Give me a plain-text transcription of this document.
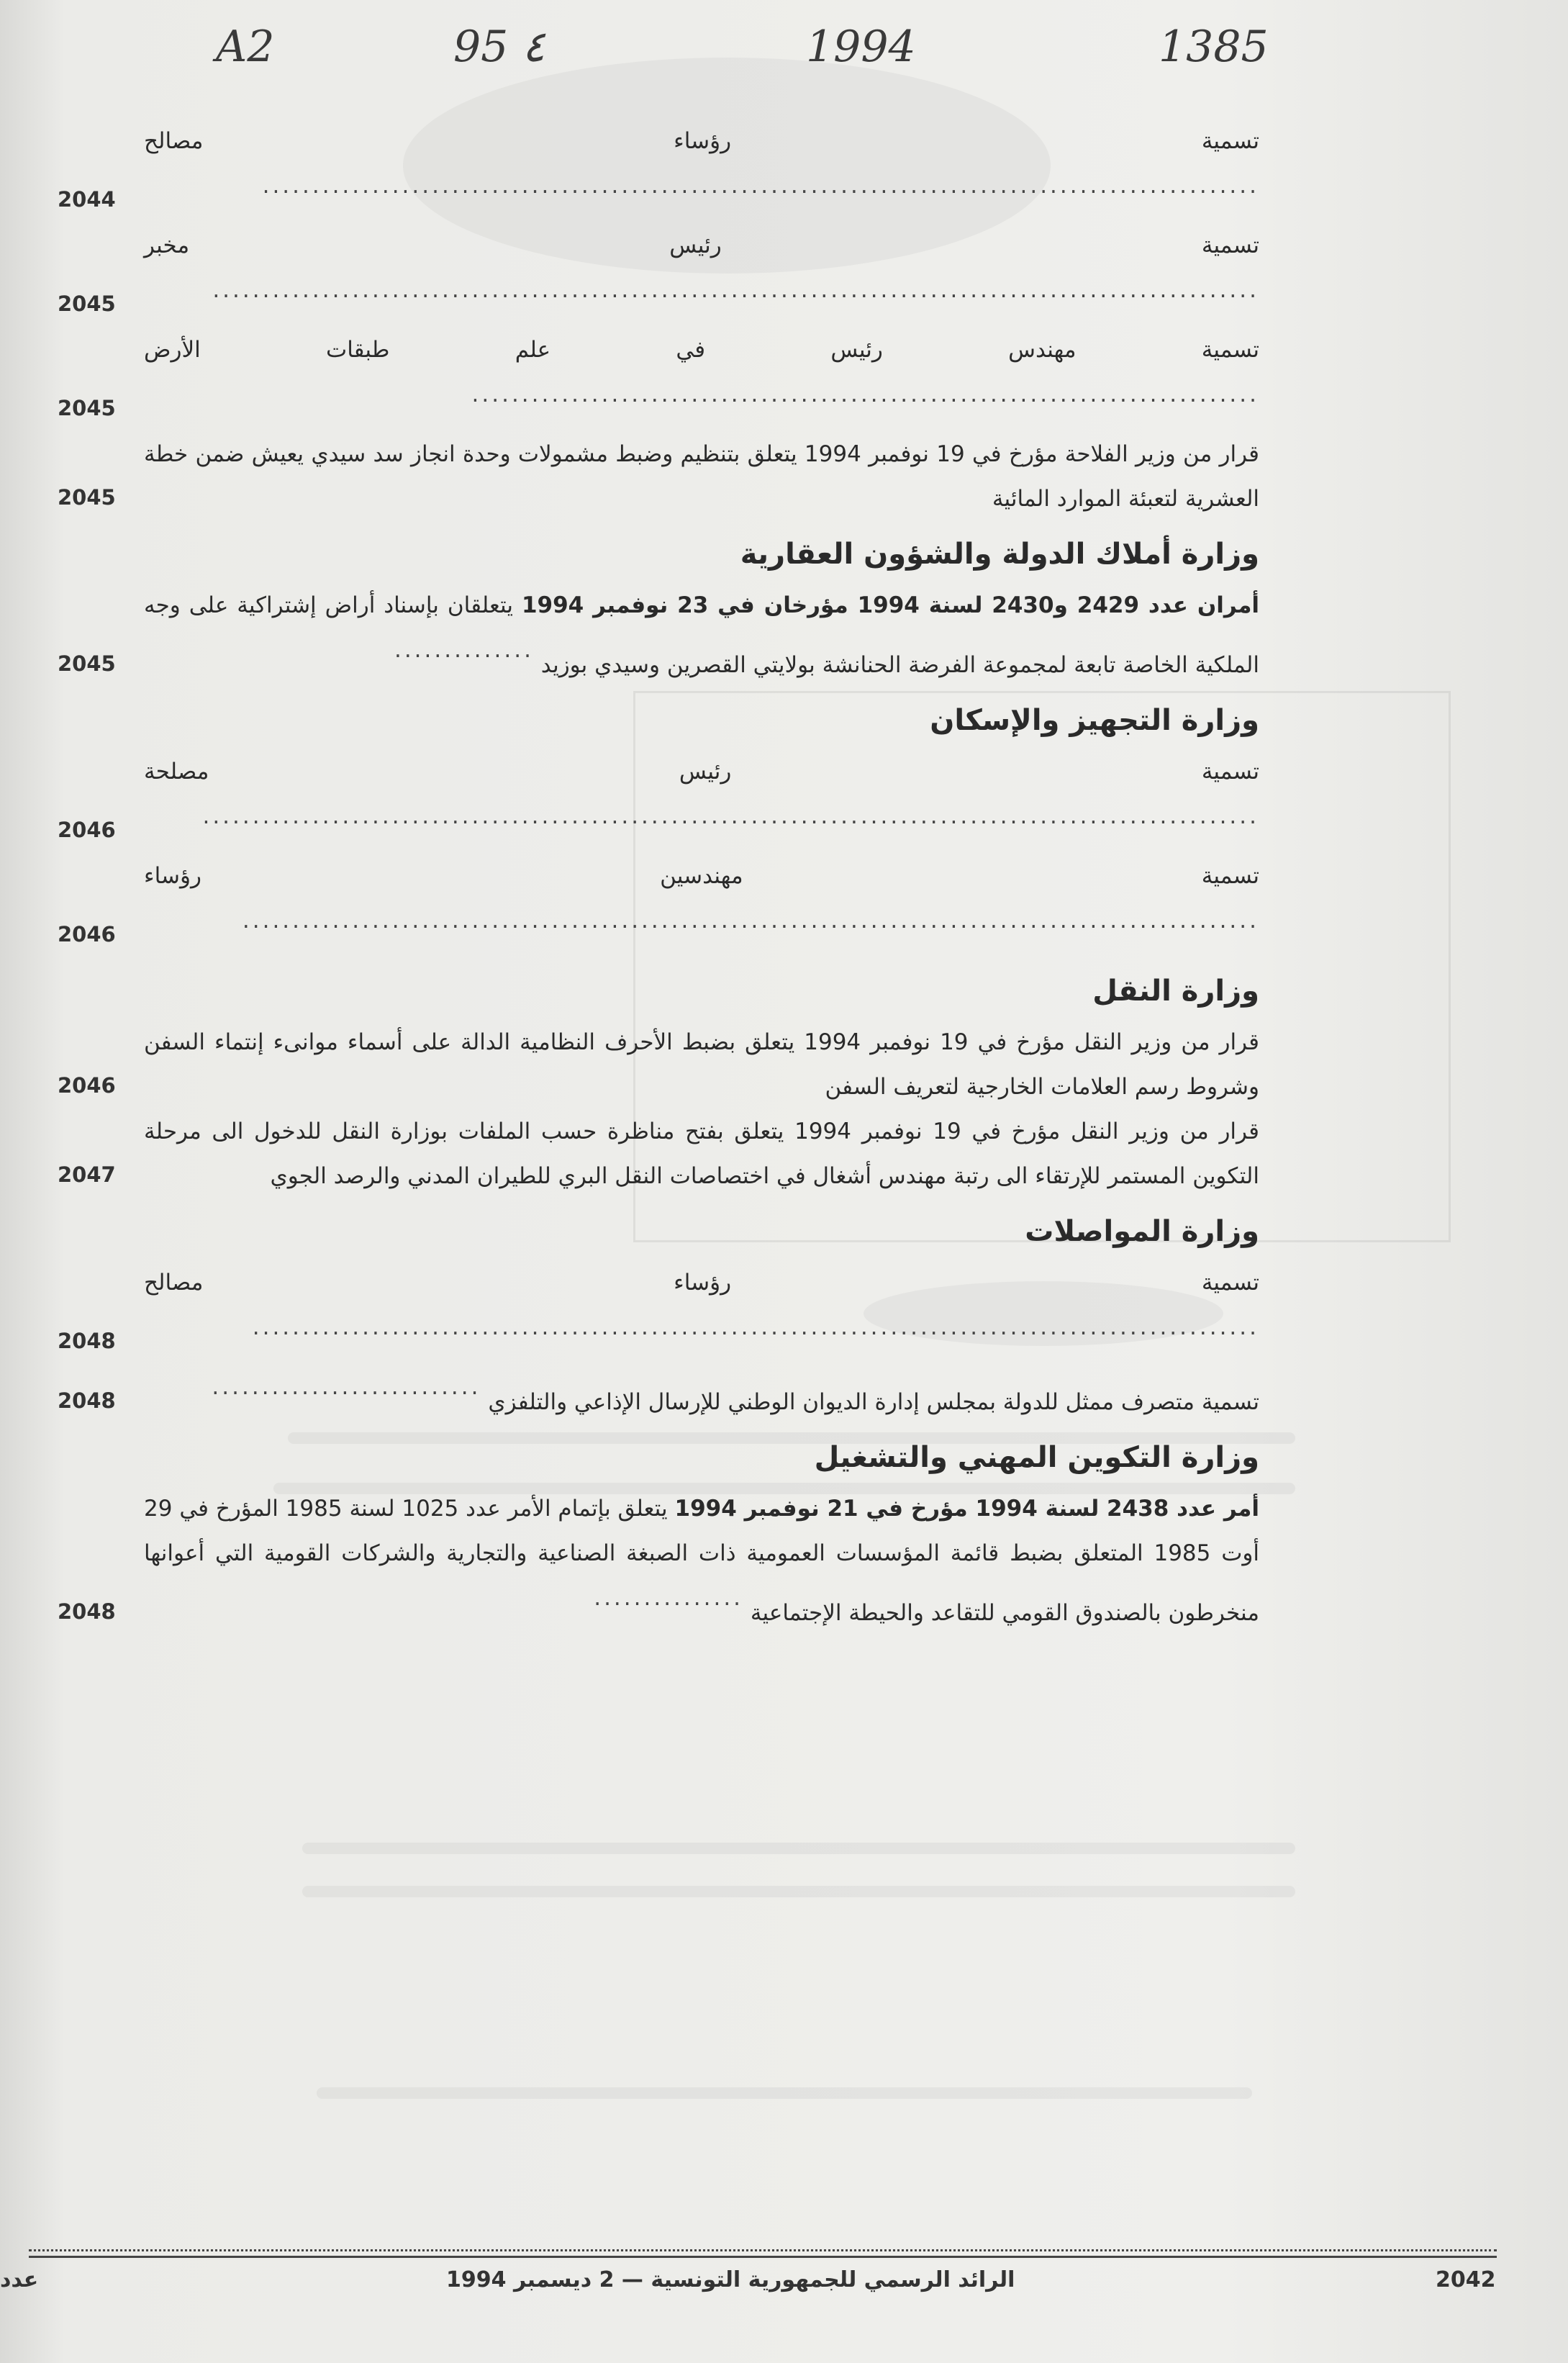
A2	95 ٤	1994	1385
تسمية رؤساء مصالح ....................................................................................................
2044
تسمية رئيس مخبر .........................................................................................................
2045
تسمية مهندس رئيس في علم طبقات الأرض ...............................................................................
2045
قرار من وزير الفلاحة مؤرخ في 19 نوفمبر 1994 يتعلق بتنظيم وضبط مشمولات وحدة انجاز سد سيدي يعيش ضمن خطة العشرية لتعبئة الموارد المائية
2045
وزارة أملاك الدولة والشؤون العقارية
أمران عدد 2429 و2430 لسنة 1994 مؤرخان في 23 نوفمبر 1994 يتعلقان بإسناد أراض إشتراكية على وجه الملكية الخاصة تابعة لمجموعة الفرضة الحنانشة بولايتي القصرين وسيدي بوزيد ..............
2045
وزارة التجهيز والإسكان
تسمية رئيس مصلحة ..........................................................................................................
2046
تسمية مهندسين رؤساء ......................................................................................................
2046
وزارة النقل
قرار من وزير النقل مؤرخ في 19 نوفمبر 1994 يتعلق بضبط الأحرف النظامية الدالة على أسماء موانىء إنتماء السفن وشروط رسم العلامات الخارجية لتعريف السفن
2046
قرار من وزير النقل مؤرخ في 19 نوفمبر 1994 يتعلق بفتح مناظرة حسب الملفات بوزارة النقل للدخول الى مرحلة التكوين المستمر للإرتقاء الى رتبة مهندس أشغال في اختصاصات النقل البري للطيران المدني والرصد الجوي
2047
وزارة المواصلات
تسمية رؤساء مصالح .....................................................................................................
2048
تسمية متصرف ممثل للدولة بمجلس إدارة الديوان الوطني للإرسال الإذاعي والتلفزي ...........................
2048
وزارة التكوين المهني والتشغيل
أمر عدد 2438 لسنة 1994 مؤرخ في 21 نوفمبر 1994 يتعلق بإتمام الأمر عدد 1025 لسنة 1985 المؤرخ في 29 أوت 1985 المتعلق بضبط قائمة المؤسسات العمومية ذات الصبغة الصناعية والتجارية والشركات القومية التي أعوانها منخرطون بالصندوق القومي للتقاعد والحيطة الإجتماعية ...............
2048
عدد	الرائد الرسمي للجمهورية التونسية — 2 ديسمبر 1994	2042
